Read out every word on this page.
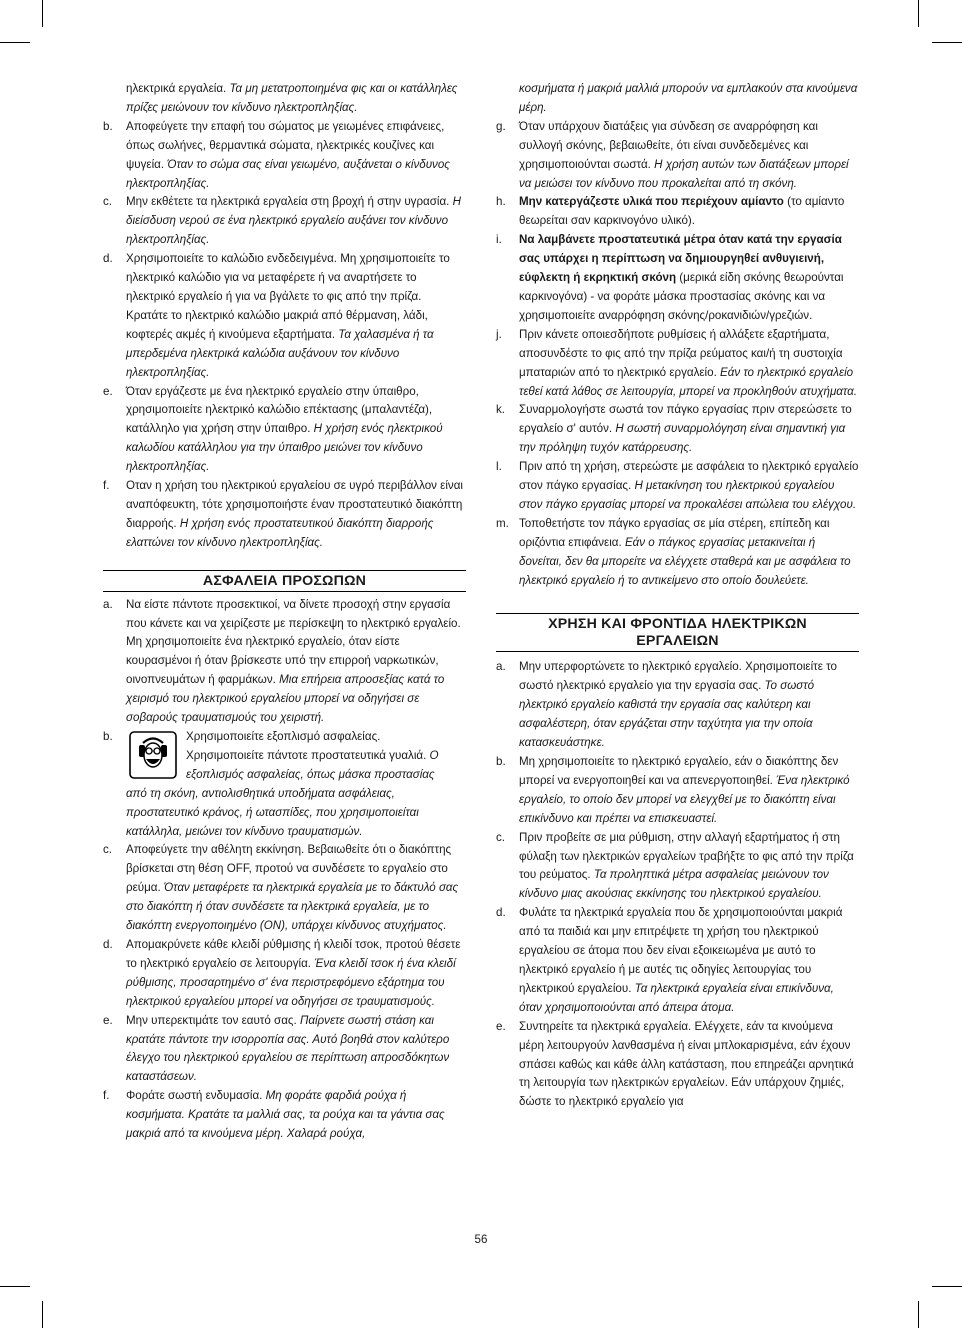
ηλεκτρικά εργαλεία. Τα μη μετατροποιημένα φις και οι κατάλληλες πρίζες μειώνουν τον κίνδυνο ηλεκτροπληξίας.

b. Αποφεύγετε την επαφή του σώματος με γειωμένες επιφάνειες, όπως σωλήνες, θερμαντικά σώματα, ηλεκτρικές κουζίνες και ψυγεία. Όταν το σώμα σας είναι γειωμένο, αυξάνεται ο κίνδυνος ηλεκτροπληξίας.
c. Μην εκθέτετε τα ηλεκτρικά εργαλεία στη βροχή ή στην υγρασία. Η διείσδυση νερού σε ένα ηλεκτρικό εργαλείο αυξάνει τον κίνδυνο ηλεκτροπληξίας.
d. Χρησιμοποιείτε το καλώδιο ενδεδειγμένα. Μη χρησιμοποιείτε το ηλεκτρικό καλώδιο για να μεταφέρετε ή να αναρτήσετε το ηλεκτρικό εργαλείο ή για να βγάλετε το φις από την πρίζα. Κρατάτε το ηλεκτρικό καλώδιο μακριά από θέρμανση, λάδι, κοφτερές ακμές ή κινούμενα εξαρτήματα. Τα χαλασμένα ή τα μπερδεμένα ηλεκτρικά καλώδια αυξάνουν τον κίνδυνο ηλεκτροπληξίας.
e. Όταν εργάζεστε με ένα ηλεκτρικό εργαλείο στην ύπαιθρο, χρησιμοποιείτε ηλεκτρικό καλώδιο επέκτασης (μπαλαντέζα), κατάλληλο για χρήση στην ύπαιθρο. Η χρήση ενός ηλεκτρικού καλωδίου κατάλληλου για την ύπαιθρο μειώνει τον κίνδυνο ηλεκτροπληξίας.
f. Οταν η χρήση του ηλεκτρικού εργαλείου σε υγρό περιβάλλον είναι αναπόφευκτη, τότε χρησιμοποιήστε έναν προστατευτικό διακόπτη διαρροής. Η χρήση ενός προστατευτικού διακόπτη διαρροής ελαττώνει τον κίνδυνο ηλεκτροπληξίας.
ΑΣΦΑΛΕΙΑ ΠΡΟΣΩΠΩΝ
a. Να είστε πάντοτε προσεκτικοί, να δίνετε προσοχή στην εργασία που κάνετε και να χειρίζεστε με περίσκεψη το ηλεκτρικό εργαλείο. Μη χρησιμοποιείτε ένα ηλεκτρικό εργαλείο, όταν είστε κουρασμένοι ή όταν βρίσκεστε υπό την επιρροή ναρκωτικών, οινοπνευμάτων ή φαρμάκων. Μια επήρεια απροσεξίας κατά το χειρισμό του ηλεκτρικού εργαλείου μπορεί να οδηγήσει σε σοβαρούς τραυματισμούς του χειριστή.
b.	Χρησιμοποιείτε εξοπλισμό ασφαλείας.
Χρησιμοποιείτε πάντοτε προστατευτικά γυαλιά. Ο
εξοπλισμός ασφαλείας, όπως μάσκα προστασίας
από τη σκόνη, αντιολισθητικά υποδήματα ασφάλειας, προστατευτικό κράνος, ή ωτασπίδες, που χρησιμοποιείται κατάλληλα, μειώνει τον κίνδυνο τραυματισμών.
c. Αποφεύγετε την αθέλητη εκκίνηση. Βεβαιωθείτε ότι ο διακόπτης βρίσκεται στη θέση OFF, προτού να συνδέσετε το εργαλείο στο ρεύμα. Όταν μεταφέρετε τα ηλεκτρικά εργαλεία με το δάκτυλό σας στο διακόπτη ή όταν συνδέσετε τα ηλεκτρικά εργαλεία, με το διακόπτη ενεργοποιημένο (ON), υπάρχει κίνδυνος ατυχήματος.
d. Απομακρύνετε κάθε κλειδί ρύθμισης ή κλειδί τσοκ, προτού θέσετε το ηλεκτρικό εργαλείο σε λειτουργία. Ένα κλειδί τσοκ ή ένα κλειδί ρύθμισης, προσαρτημένο σ' ένα περιστρεφόμενο εξάρτημα του ηλεκτρικού εργαλείου μπορεί να οδηγήσει σε τραυματισμούς.
e. Μην υπερεκτιμάτε τον εαυτό σας. Παίρνετε σωστή στάση και κρατάτε πάντοτε την ισορροπία σας. Αυτό βοηθά στον καλύτερο έλεγχο του ηλεκτρικού εργαλείου σε περίπτωση απροσδόκητων καταστάσεων.
f. Φοράτε σωστή ενδυμασία. Μη φοράτε φαρδιά ρούχα ή κοσμήματα. Κρατάτε τα μαλλιά σας, τα ρούχα και τα γάντια σας μακριά από τα κινούμενα μέρη. Χαλαρά ρούχα,

κοσμήματα ή μακριά μαλλιά μπορούν να εμπλακούν στα κινούμενα μέρη.

g. Όταν υπάρχουν διατάξεις για σύνδεση σε αναρρόφηση και συλλογή σκόνης, βεβαιωθείτε, ότι είναι συνδεδεμένες και χρησιμοποιούνται σωστά. Η χρήση αυτών των διατάξεων μπορεί να μειώσει τον κίνδυνο που προκαλείται από τη σκόνη.
h. Μην κατεργάζεστε υλικά που περιέχουν αμίαντο (το αμίαντο θεωρείται σαν καρκινογόνο υλικό).
i. Να λαμβάνετε προστατευτικά μέτρα όταν κατά την εργασία σας υπάρχει η περίπτωση να δημιουργηθεί ανθυγιεινή, εύφλεκτη ή εκρηκτική σκόνη (μερικά είδη σκόνης θεωρούνται καρκινογόνα) - να φοράτε μάσκα προστασίας σκόνης και να χρησιμοποιείτε αναρρόφηση σκόνης/ροκανιδιών/γρεζιών.
j. Πριν κάνετε οποιεσδήποτε ρυθμίσεις ή αλλάξετε εξαρτήματα, αποσυνδέστε το φις από την πρίζα ρεύματος και/ή τη συστοιχία μπαταριών από το ηλεκτρικό εργαλείο. Εάν το ηλεκτρικό εργαλείο τεθεί κατά λάθος σε λειτουργία, μπορεί να προκληθούν ατυχήματα.
k. Συναρμολογήστε σωστά τον πάγκο εργασίας πριν στερεώσετε το εργαλείο σ' αυτόν. Η σωστή συναρμολόγηση είναι σημαντική για την πρόληψη τυχόν κατάρρευσης.
l. Πριν από τη χρήση, στερεώστε με ασφάλεια το ηλεκτρικό εργαλείο στον πάγκο εργασίας. Η μετακίνηση του ηλεκτρικού εργαλείου στον πάγκο εργασίας μπορεί να προκαλέσει απώλεια του ελέγχου.
m. Τοποθετήστε τον πάγκο εργασίας σε μία στέρεη, επίπεδη και οριζόντια επιφάνεια. Εάν ο πάγκος εργασίας μετακινείται ή δονείται, δεν θα μπορείτε να ελέγχετε σταθερά και με ασφάλεια το ηλεκτρικό εργαλείο ή το αντικείμενο στο οποίο δουλεύετε.
ΧΡΗΣΗ ΚΑΙ ΦΡΟΝΤΙΔΑ ΗΛΕΚΤΡΙΚΩΝ ΕΡΓΑΛΕΙΩΝ
a. Μην υπερφορτώνετε το ηλεκτρικό εργαλείο. Χρησιμοποιείτε το σωστό ηλεκτρικό εργαλείο για την εργασία σας. Το σωστό ηλεκτρικό εργαλείο καθιστά την εργασία σας καλύτερη και ασφαλέστερη, όταν εργάζεται στην ταχύτητα για την οποία κατασκευάστηκε.
b. Μη χρησιμοποιείτε το ηλεκτρικό εργαλείο, εάν ο διακόπτης δεν μπορεί να ενεργοποιηθεί και να απενεργοποιηθεί. Ένα ηλεκτρικό εργαλείο, το οποίο δεν μπορεί να ελεγχθεί με το διακόπτη είναι επικίνδυνο και πρέπει να επισκευαστεί.
c. Πριν προβείτε σε μια ρύθμιση, στην αλλαγή εξαρτήματος ή στη φύλαξη των ηλεκτρικών εργαλείων τραβήξτε το φις από την πρίζα του ρεύματος. Τα προληπτικά μέτρα ασφαλείας μειώνουν τον κίνδυνο μιας ακούσιας εκκίνησης του ηλεκτρικού εργαλείου.
d. Φυλάτε τα ηλεκτρικά εργαλεία που δε χρησιμοποιούνται μακριά από τα παιδιά και μην επιτρέψετε τη χρήση του ηλεκτρικού εργαλείου σε άτομα που δεν είναι εξοικειωμένα με αυτό το ηλεκτρικό εργαλείο ή με αυτές τις οδηγίες λειτουργίας του ηλεκτρικού εργαλείου. Τα ηλεκτρικά εργαλεία είναι επικίνδυνα, όταν χρησιμοποιούνται από άπειρα άτομα.
e. Συντηρείτε τα ηλεκτρικά εργαλεία. Ελέγχετε, εάν τα κινούμενα μέρη λειτουργούν λανθασμένα ή είναι μπλοκαρισμένα, εάν έχουν σπάσει καθώς και κάθε άλλη κατάσταση, που επηρεάζει αρνητικά τη λειτουργία των ηλεκτρικών εργαλείων. Εάν υπάρχουν ζημιές, δώστε το ηλεκτρικό εργαλείο για
56
